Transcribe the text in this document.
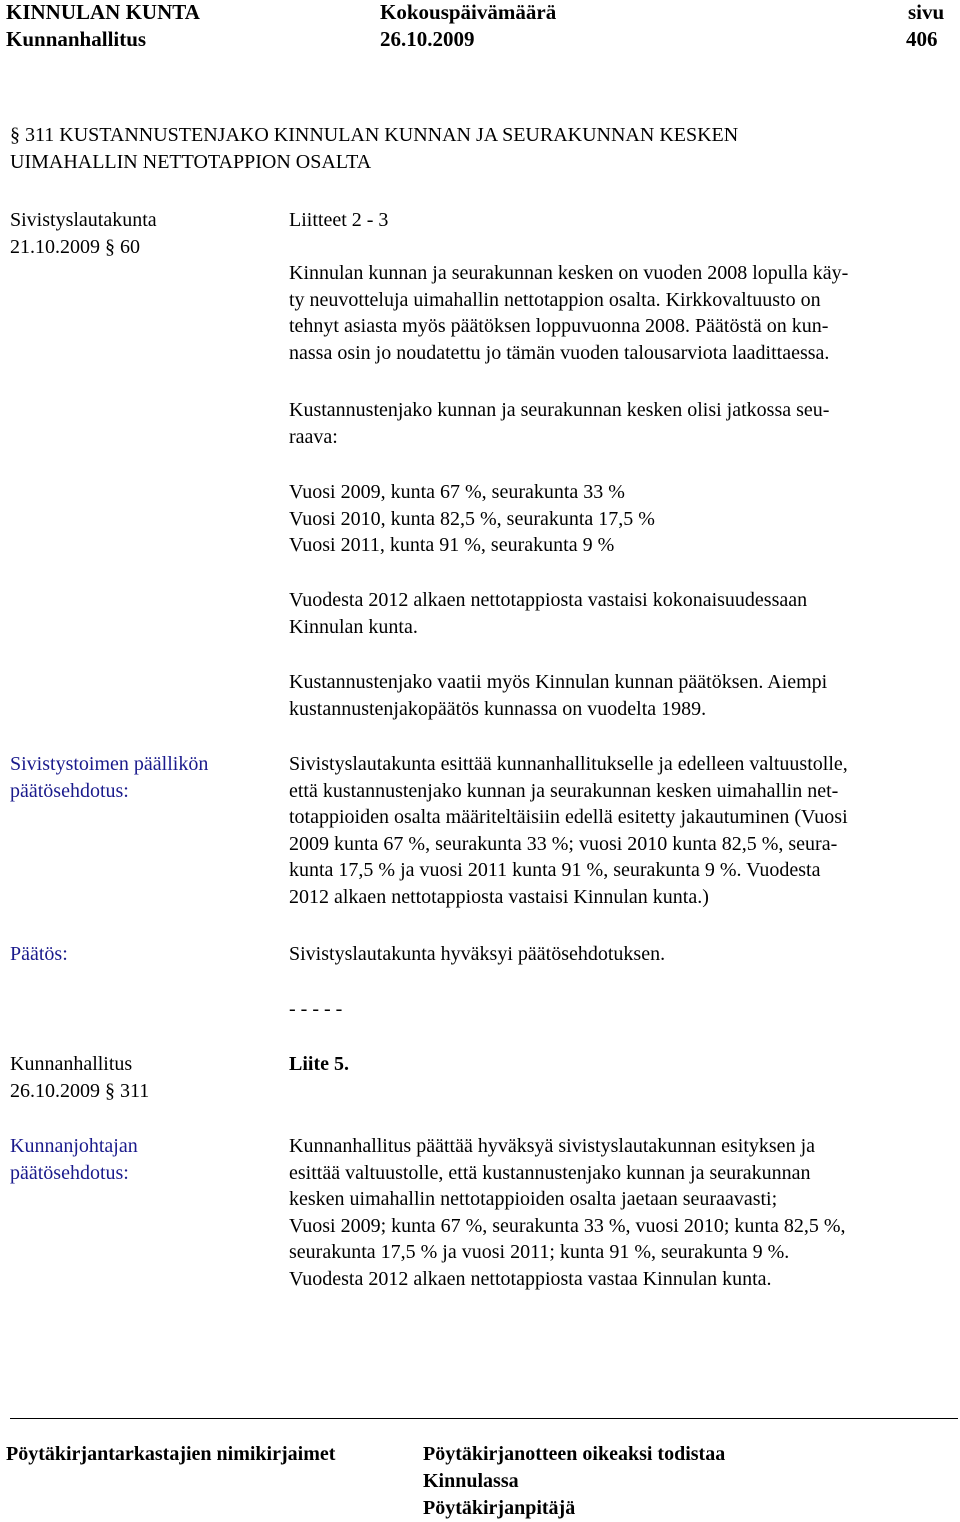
KINNULAN KUNTA
Kunnanhallitus
Kokouspäivämäärä
26.10.2009
sivu
406
§ 311 KUSTANNUSTENJAKO KINNULAN KUNNAN JA SEURAKUNNAN KESKEN
UIMAHALLIN NETTOTAPPION OSALTA
Sivistyslautakunta
21.10.2009 § 60
Liitteet 2 - 3
Kinnulan kunnan ja seurakunnan kesken on vuoden 2008 lopulla käy-
ty neuvotteluja uimahallin nettotappion osalta. Kirkkovaltuusto on
tehnyt asiasta myös päätöksen loppuvuonna 2008. Päätöstä on kun-
nassa osin jo noudatettu jo tämän vuoden talousarviota laadittaessa.
Kustannustenjako kunnan ja seurakunnan kesken olisi jatkossa seu-
raava:
Vuosi 2009, kunta 67 %, seurakunta 33 %
Vuosi 2010, kunta 82,5 %, seurakunta 17,5 %
Vuosi 2011, kunta 91 %, seurakunta 9 %
Vuodesta 2012 alkaen nettotappiosta vastaisi kokonaisuudessaan
Kinnulan kunta.
Kustannustenjako vaatii myös Kinnulan kunnan päätöksen. Aiempi
kustannustenjakopäätös kunnassa on vuodelta 1989.
Sivistystoimen päällikön
päätösehdotus:
Sivistyslautakunta esittää kunnanhallitukselle ja edelleen valtuustolle,
että kustannustenjako kunnan ja seurakunnan kesken uimahallin net-
totappioiden osalta määriteltäisiin edellä esitetty jakautuminen (Vuosi
2009 kunta 67 %, seurakunta 33 %; vuosi 2010 kunta 82,5 %, seura-
kunta 17,5 % ja vuosi 2011 kunta 91 %, seurakunta 9 %. Vuodesta
2012 alkaen nettotappiosta vastaisi Kinnulan kunta.)
Päätös:	Sivistyslautakunta hyväksyi päätösehdotuksen.
- - - - -
Kunnanhallitus
26.10.2009 § 311
Liite 5.
Kunnanjohtajan
päätösehdotus:
Kunnanhallitus päättää hyväksyä sivistyslautakunnan esityksen ja
esittää valtuustolle, että kustannustenjako kunnan ja seurakunnan
kesken uimahallin nettotappioiden osalta jaetaan seuraavasti;
Vuosi 2009; kunta 67 %, seurakunta 33 %, vuosi 2010; kunta 82,5 %,
seurakunta 17,5 % ja vuosi 2011; kunta 91 %, seurakunta 9 %.
Vuodesta 2012 alkaen nettotappiosta vastaa Kinnulan kunta.
Pöytäkirjantarkastajien nimikirjaimet	Pöytäkirjanotteen oikeaksi todistaa
Kinnulassa
Pöytäkirjanpitäjä
